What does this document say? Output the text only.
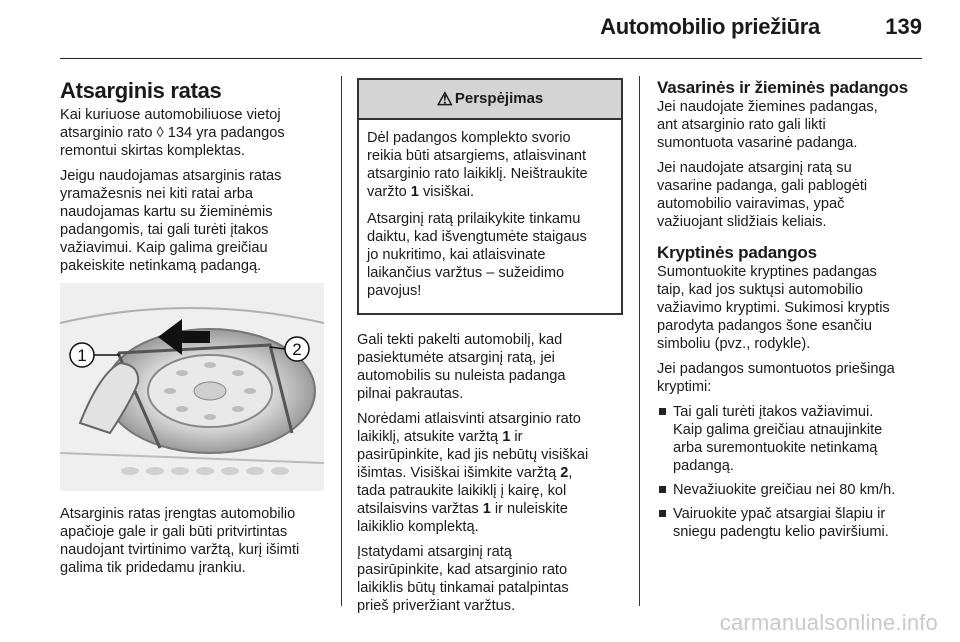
Automobilio priežiūra	139
Atsarginis ratas

Kai kuriuose automobiliuose vietoj
atsarginio rato ◊ 134 yra padangos
remontui skirtas komplektas.

Jeigu naudojamas atsarginis ratas
yramažesnis nei kiti ratai arba
naudojamas kartu su žieminėmis
padangomis, tai gali turėti įtakos
važiavimui. Kaip galima greičiau
pakeiskite netinkamą padangą.

1	2

Atsarginis ratas įrengtas automobilio
apačioje gale ir gali būti pritvirtintas
naudojant tvirtinimo varžtą, kurį išimti
galima tik pridedamu įrankiu.

⚠ Perspėjimas

Dėl padangos komplekto svorio
reikia būti atsargiems, atlaisvinant
atsarginio rato laikiklį. Neištraukite
varžto 1 visiškai.

Atsarginį ratą prilaikykite tinkamu
daiktu, kad išvengtumėte staigaus
jo nukritimo, kai atlaisvinate
laikančius varžtus – sužeidimo
pavojus!

Gali tekti pakelti automobilį, kad
pasiektumėte atsarginį ratą, jei
automobilis su nuleista padanga
pilnai pakrautas.

Norėdami atlaisvinti atsarginio rato
laikiklį, atsukite varžtą 1 ir
pasirūpinkite, kad jis nebūtų visiškai
išimtas. Visiškai išimkite varžtą 2,
tada patraukite laikiklį į kairę, kol
atsilaisvins varžtas 1 ir nuleiskite
laikiklio komplektą.

Įstatydami atsarginį ratą
pasirūpinkite, kad atsarginio rato
laikiklis būtų tinkamai patalpintas
prieš priveržiant varžtus.

Vasarinės ir žieminės padangos

Jei naudojate žiemines padangas,
ant atsarginio rato gali likti
sumontuota vasarinė padanga.

Jei naudojate atsarginį ratą su
vasarine padanga, gali pablogėti
automobilio vairavimas, ypač
važiuojant slidžiais keliais.

Kryptinės padangos

Sumontuokite kryptines padangas
taip, kad jos suktųsi automobilio
važiavimo kryptimi. Sukimosi kryptis
parodyta padangos šone esančiu
simboliu (pvz., rodykle).

Jei padangos sumontuotos priešinga
kryptimi:

Tai gali turėti įtakos važiavimui.
Kaip galima greičiau atnaujinkite
arba suremontuokite netinkamą
padangą.
Nevažiuokite greičiau nei 80 km/h.
Vairuokite ypač atsargiai šlapiu ir
sniegu padengtu kelio paviršiumi.
carmanualsonline.info
